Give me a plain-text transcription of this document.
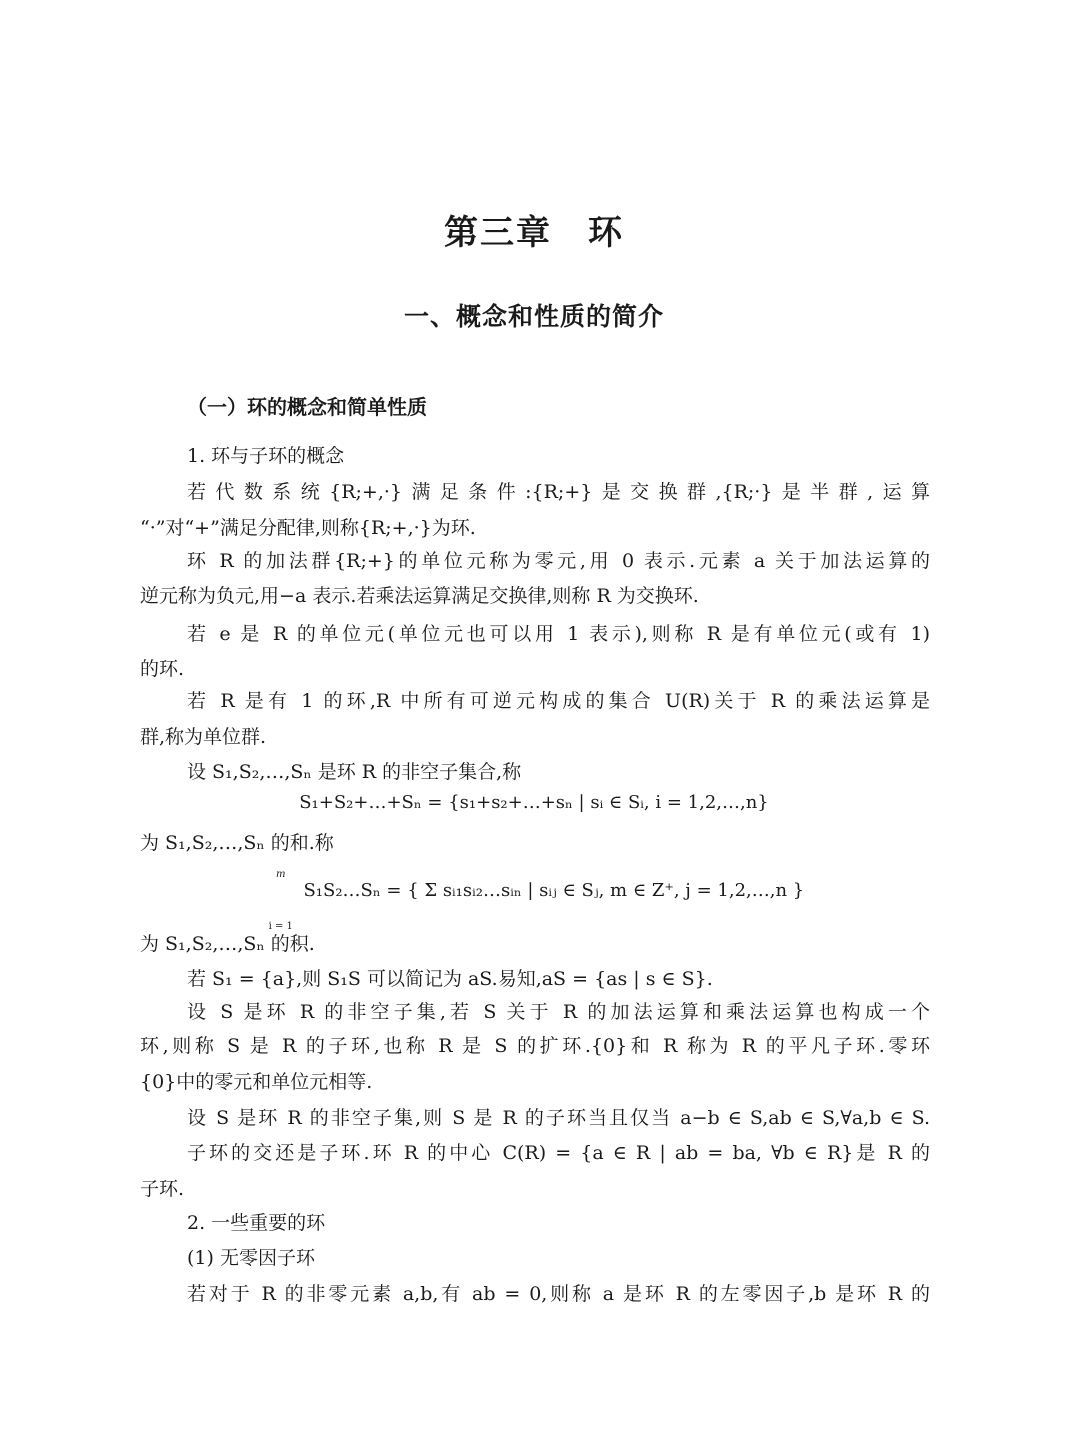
第三章　环
一、概念和性质的简介
（一）环的概念和简单性质
1. 环与子环的概念
若代数系统{R;+,·}满足条件:{R;+}是交换群,{R;·}是半群,运算
“·”对“+”满足分配律,则称{R;+,·}为环.
环 R 的加法群{R;+}的单位元称为零元,用 0 表示.元素 a 关于加法运算的
逆元称为负元,用−a 表示.若乘法运算满足交换律,则称 R 为交换环.
若 e 是 R 的单位元(单位元也可以用 1 表示),则称 R 是有单位元(或有 1)
的环.
若 R 是有 1 的环,R 中所有可逆元构成的集合 U(R)关于 R 的乘法运算是
群,称为单位群.
设 S₁,S₂,…,Sₙ 是环 R 的非空子集合,称
S₁+S₂+…+Sₙ = {s₁+s₂+…+sₙ | sᵢ ∈ Sᵢ, i = 1,2,…,n}
为 S₁,S₂,…,Sₙ 的和.称
m
i = 1
S₁S₂…Sₙ = { Σ sᵢ₁sᵢ₂…sᵢₙ | sᵢⱼ ∈ Sⱼ, m ∈ Z⁺, j = 1,2,…,n }
为 S₁,S₂,…,Sₙ 的积.
若 S₁ = {a},则 S₁S 可以简记为 aS.易知,aS = {as | s ∈ S}.
设 S 是环 R 的非空子集,若 S 关于 R 的加法运算和乘法运算也构成一个
环,则称 S 是 R 的子环,也称 R 是 S 的扩环.{0}和 R 称为 R 的平凡子环.零环
{0}中的零元和单位元相等.
设 S 是环 R 的非空子集,则 S 是 R 的子环当且仅当 a−b ∈ S,ab ∈ S,∀a,b ∈ S.
子环的交还是子环.环 R 的中心 C(R) = {a ∈ R | ab = ba, ∀b ∈ R}是 R 的
子环.
2. 一些重要的环
(1) 无零因子环
若对于 R 的非零元素 a,b,有 ab = 0,则称 a 是环 R 的左零因子,b 是环 R 的
